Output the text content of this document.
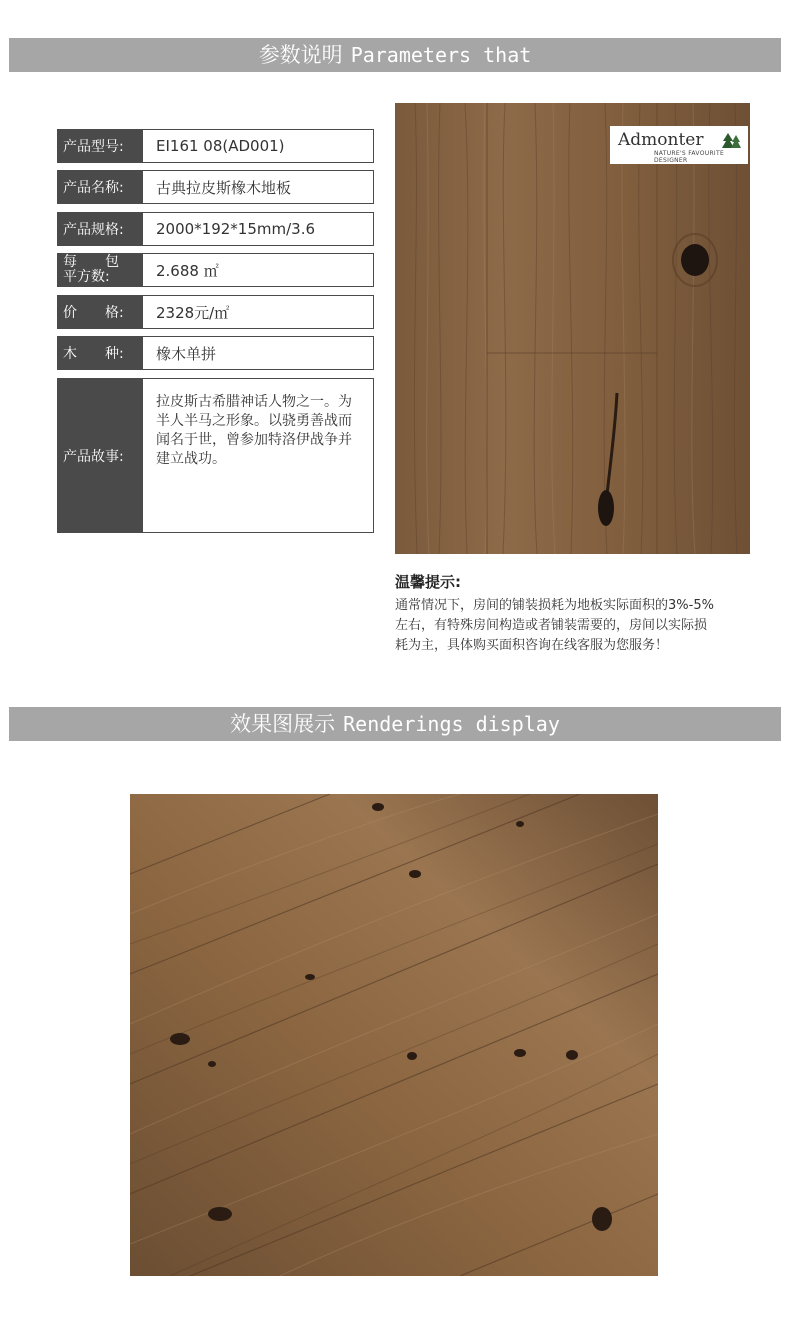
参数说明 Parameters that
产品型号:	EI161 08(AD001)
产品名称:	古典拉皮斯橡木地板
产品规格:	2000*192*15mm/3.6
每　　包
平方数:	2.688 ㎡
价　　格:	2328元/㎡
木　　种:	橡木单拼
产品故事:
拉皮斯古希腊神话人物之一。为半人半马之形象。以骁勇善战而闻名于世，曾参加特洛伊战争并建立战功。
Admonter
NATURE'S FAVOURITE DESIGNER
温馨提示:
通常情况下，房间的铺装损耗为地板实际面积的3%-5%左右，有特殊房间构造或者铺装需要的，房间以实际损耗为主，具体购买面积咨询在线客服为您服务！
效果图展示 Renderings display
